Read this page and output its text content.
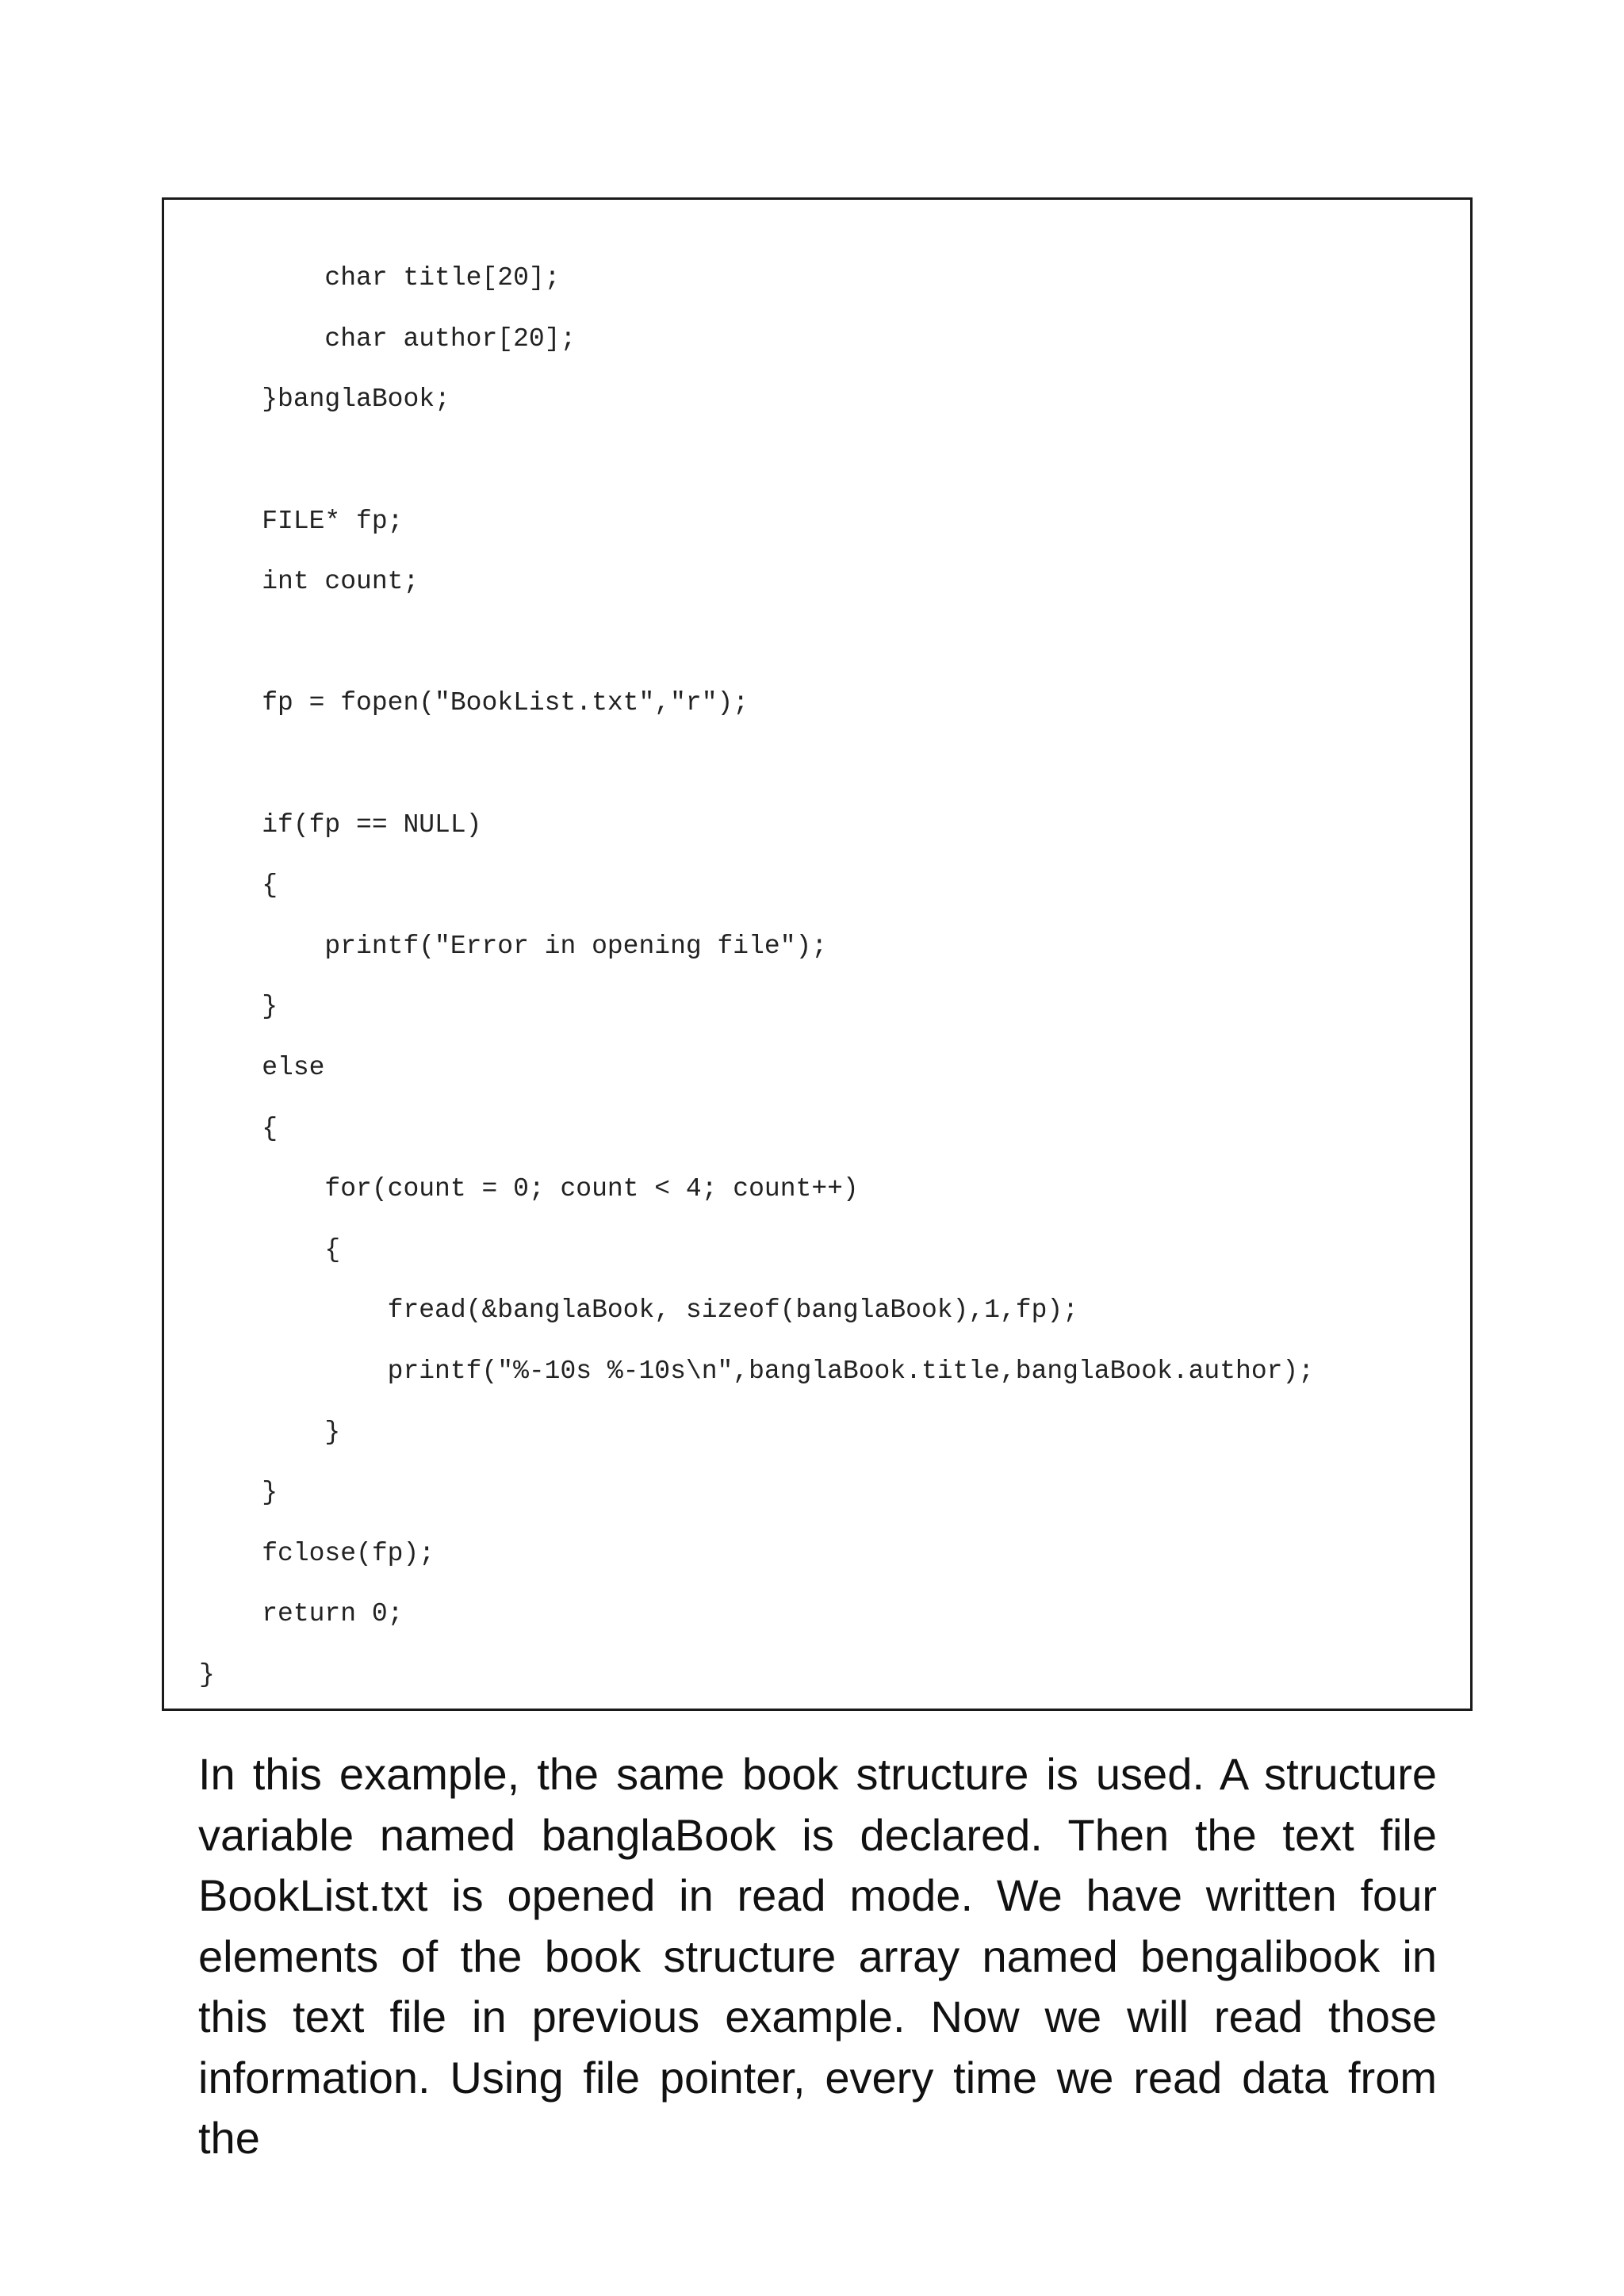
char title[20];
char author[20];
}banglaBook;
FILE* fp;
int count;
fp = fopen("BookList.txt","r");
if(fp == NULL)
{
printf("Error in opening file");
}
else
{
for(count = 0; count < 4; count++)
{
fread(&banglaBook, sizeof(banglaBook),1,fp);
printf("%-10s %-10s\n",banglaBook.title,banglaBook.author);
}
}
fclose(fp);
return 0;
}

In this example, the same book structure is used. A structure variable named banglaBook is declared. Then the text file BookList.txt is opened in read mode. We have written four elements of the book structure array named bengalibook in this text file in previous example. Now we will read those information. Using file pointer, every time we read data from the
